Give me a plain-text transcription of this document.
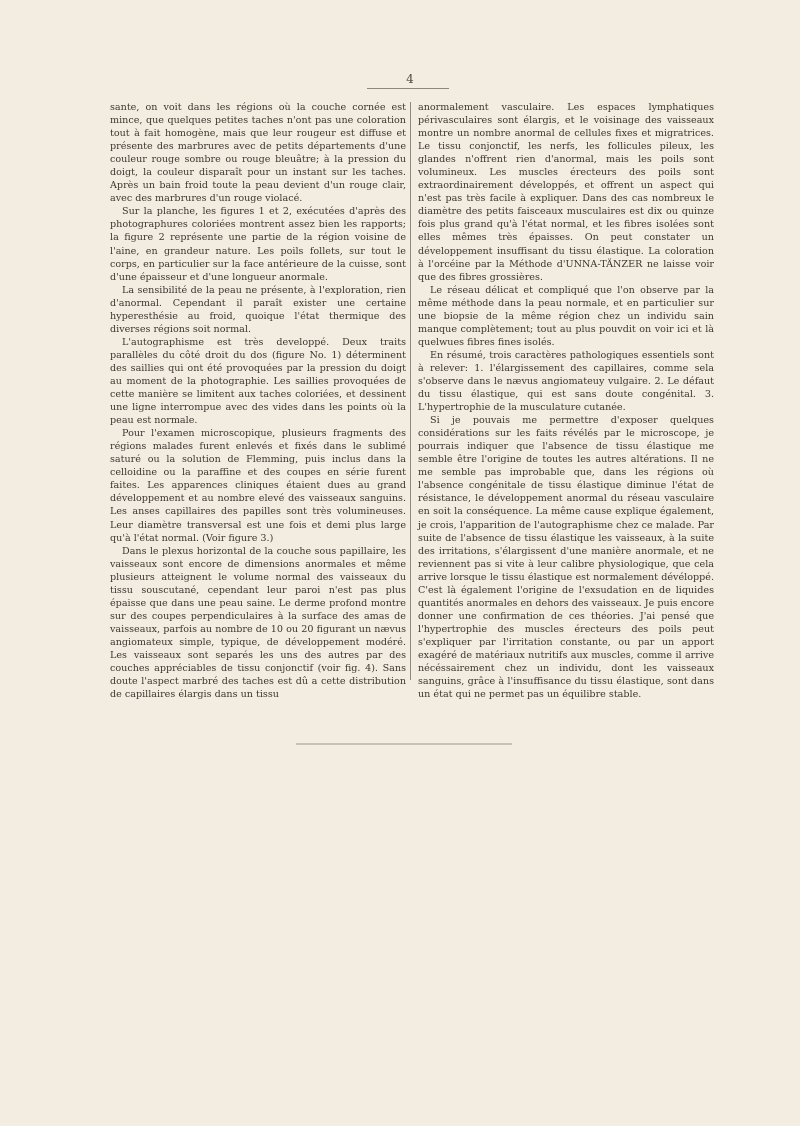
4

sante, on voit dans les régions où la couche cornée est mince, que quelques petites taches n'ont pas une coloration tout à fait homogène, mais que leur rougeur est diffuse et présente des marbrures avec de petits départements d'une couleur rouge sombre ou rouge bleuâtre; à la pression du doigt, la couleur disparaît pour un instant sur les taches. Après un bain froid toute la peau devient d'un rouge clair, avec des marbrures d'un rouge violacé.

Sur la planche, les figures 1 et 2, exécutées d'après des photographures coloriées montrent assez bien les rapports; la figure 2 représente une partie de la région voisine de l'aine, en grandeur nature. Les poils follets, sur tout le corps, en particulier sur la face antérieure de la cuisse, sont d'une épaisseur et d'une longueur anormale.

La sensibilité de la peau ne présente, à l'exploration, rien d'anormal. Cependant il paraît exister une certaine hyperesthésie au froid, quoique l'état thermique des diverses régions soit normal.

L'autographisme est très developpé. Deux traits parallèles du côté droit du dos (figure No. 1) déterminent des saillies qui ont été provoquées par la pression du doigt au moment de la photographie. Les saillies provoquées de cette manière se limitent aux taches coloriées, et dessinent une ligne interrompue avec des vides dans les points où la peau est normale.

Pour l'examen microscopique, plusieurs fragments des régions malades furent enlevés et fixés dans le sublimé saturé ou la solution de Flemming, puis inclus dans la celloidine ou la paraffine et des coupes en série furent faites. Les apparences cliniques étaient dues au grand développement et au nombre elevé des vaisseaux sanguins. Les anses capillaires des papilles sont très volumineuses. Leur diamètre transversal est une fois et demi plus large qu'à l'état normal. (Voir figure 3.)

Dans le plexus horizontal de la couche sous papillaire, les vaisseaux sont encore de dimensions anormales et même plusieurs atteignent le volume normal des vaisseaux du tissu souscutané, cependant leur paroi n'est pas plus épaisse que dans une peau saine. Le derme profond montre sur des coupes perpendiculaires à la surface des amas de vaisseaux, parfois au nombre de 10 ou 20 figurant un nævus angiomateux simple, typique, de développement modéré. Les vaisseaux sont separés les uns des autres par des couches appréciables de tissu conjonctif (voir fig. 4). Sans doute l'aspect marbré des taches est dû a cette distribution de capillaires élargis dans un tissu

anormalement vasculaire. Les espaces lymphatiques périvasculaires sont élargis, et le voisinage des vaisseaux montre un nombre anormal de cellules fixes et migratrices. Le tissu conjonctif, les nerfs, les follicules pileux, les glandes n'offrent rien d'anormal, mais les poils sont volumineux. Les muscles érecteurs des poils sont extraordinairement développés, et offrent un aspect qui n'est pas très facile à expliquer. Dans des cas nombreux le diamètre des petits faisceaux musculaires est dix ou quinze fois plus grand qu'à l'état normal, et les fibres isolées sont elles mêmes très épaisses. On peut constater un développement insuffisant du tissu élastique. La coloration à l'orcéine par la Méthode d'UNNA-TÄNZER ne laisse voir que des fibres grossières.

Le réseau délicat et compliqué que l'on observe par la même méthode dans la peau normale, et en particulier sur une biopsie de la même région chez un individu sain manque complètement; tout au plus pouvdit on voir ici et là quelwues fibres fines isolés.

En résumé, trois caractères pathologiques essentiels sont à relever: 1. l'élargissement des capillaires, comme sela s'observe dans le nævus angiomateuy vulgaire. 2. Le défaut du tissu élastique, qui est sans doute congénital. 3. L'hypertrophie de la musculature cutanée.

Si je pouvais me permettre d'exposer quelques considérations sur les faits révélés par le microscope, je pourrais indiquer que l'absence de tissu élastique me semble être l'origine de toutes les autres altérations. Il ne me semble pas improbable que, dans les régions où l'absence congénitale de tissu élastique diminue l'état de résistance, le développement anormal du réseau vasculaire en soit la conséquence. La même cause explique également, je crois, l'apparition de l'autographisme chez ce malade. Par suite de l'absence de tissu élastique les vaisseaux, à la suite des irritations, s'élargissent d'une manière anormale, et ne reviennent pas si vite à leur calibre physiologique, que cela arrive lorsque le tissu élastique est normalement dévéloppé. C'est là également l'origine de l'exsudation en de liquides quantités anormales en dehors des vaisseaux. Je puis encore donner une confirmation de ces théories. J'ai pensé que l'hypertrophie des muscles érecteurs des poils peut s'expliquer par l'irritation constante, ou par un apport exagéré de matériaux nutritifs aux muscles, comme il arrive nécéssairement chez un individu, dont les vaisseaux sanguins, grâce à l'insuffisance du tissu élastique, sont dans un état qui ne permet pas un équilibre stable.
